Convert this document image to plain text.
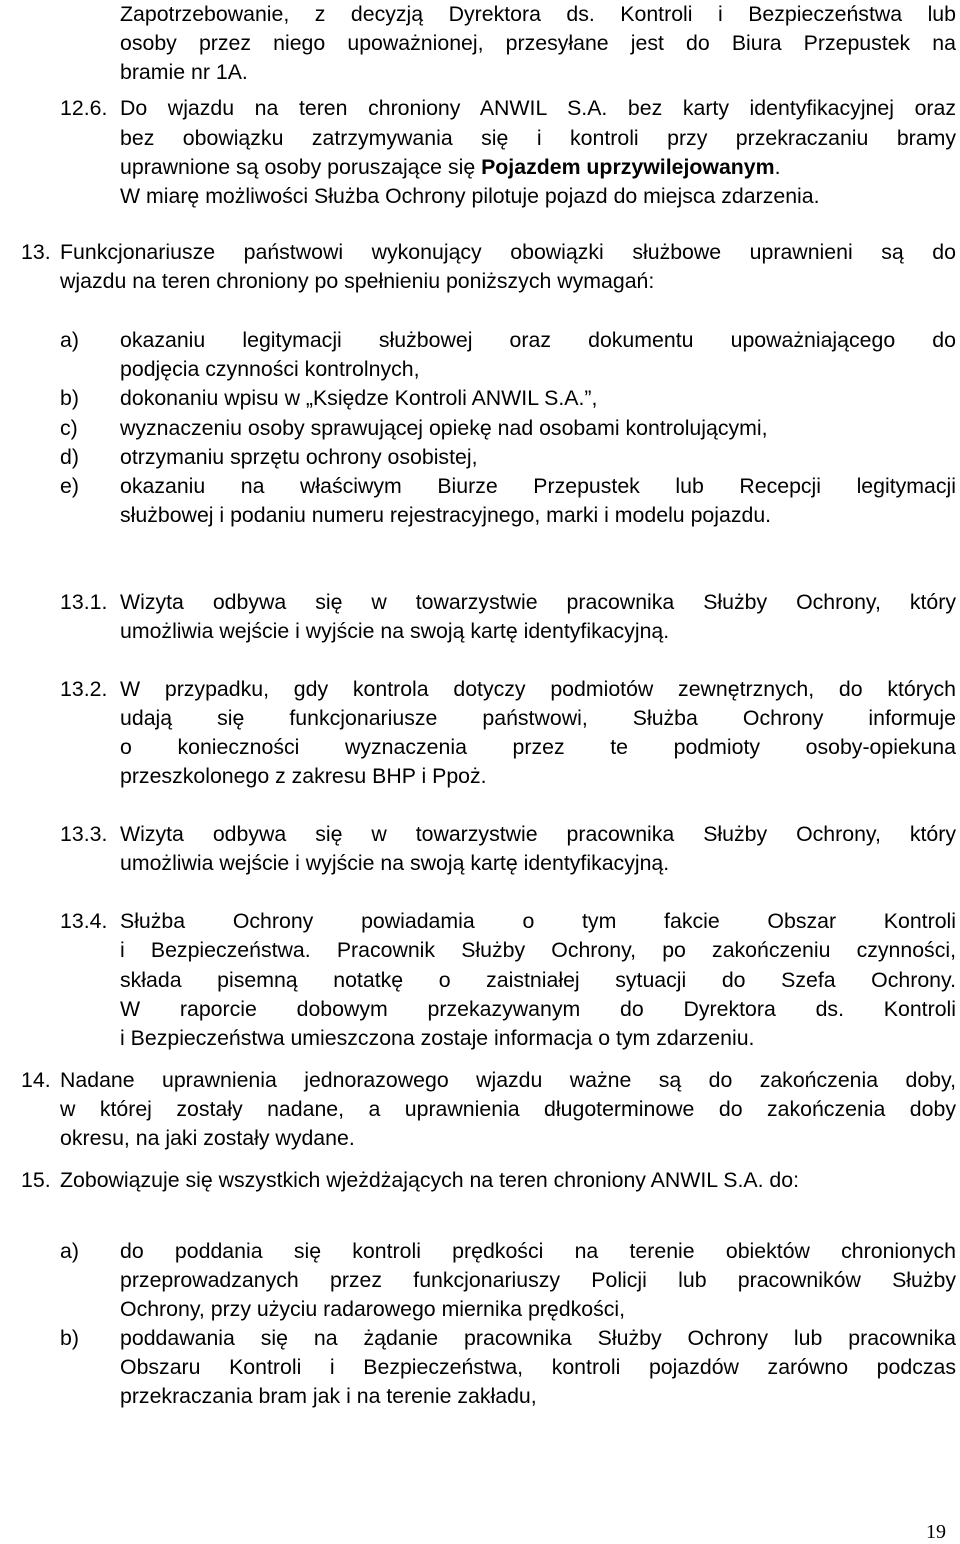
Zapotrzebowanie, z decyzją Dyrektora ds. Kontroli i Bezpieczeństwa lub
osoby przez niego upoważnionej, przesyłane jest do Biura Przepustek na
bramie nr 1A.
12.6. Do wjazdu na teren chroniony ANWIL S.A. bez karty identyfikacyjnej oraz
bez obowiązku zatrzymywania się i kontroli przy przekraczaniu bramy
uprawnione są osoby poruszające się Pojazdem uprzywilejowanym.
W miarę możliwości Służba Ochrony pilotuje pojazd do miejsca zdarzenia.
13. Funkcjonariusze państwowi wykonujący obowiązki służbowe uprawnieni są do
wjazdu na teren chroniony po spełnieniu poniższych wymagań:
a) okazaniu legitymacji służbowej oraz dokumentu upoważniającego do
podjęcia czynności kontrolnych,
b) dokonaniu wpisu w „Księdze Kontroli ANWIL S.A.”,
c) wyznaczeniu osoby sprawującej opiekę nad osobami kontrolującymi,
d) otrzymaniu sprzętu ochrony osobistej,
e) okazaniu na właściwym Biurze Przepustek lub Recepcji legitymacji
służbowej i podaniu numeru rejestracyjnego, marki i modelu pojazdu.
13.1. Wizyta odbywa się w towarzystwie pracownika Służby Ochrony, który
umożliwia wejście i wyjście na swoją kartę identyfikacyjną.
13.2. W przypadku, gdy kontrola dotyczy podmiotów zewnętrznych, do których
udają się funkcjonariusze państwowi, Służba Ochrony informuje
o konieczności wyznaczenia przez te podmioty osoby-opiekuna
przeszkolonego z zakresu BHP i Ppoż.
13.3. Wizyta odbywa się w towarzystwie pracownika Służby Ochrony, który
umożliwia wejście i wyjście na swoją kartę identyfikacyjną.
13.4. Służba Ochrony powiadamia o tym fakcie Obszar Kontroli
i Bezpieczeństwa. Pracownik Służby Ochrony, po zakończeniu czynności,
składa pisemną notatkę o zaistniałej sytuacji do Szefa Ochrony.
W raporcie dobowym przekazywanym do Dyrektora ds. Kontroli
i Bezpieczeństwa umieszczona zostaje informacja o tym zdarzeniu.
14. Nadane uprawnienia jednorazowego wjazdu ważne są do zakończenia doby,
w której zostały nadane, a uprawnienia długoterminowe do zakończenia doby
okresu, na jaki zostały wydane.
15. Zobowiązuje się wszystkich wjeżdżających na teren chroniony ANWIL S.A. do:
a) do poddania się kontroli prędkości na terenie obiektów chronionych
przeprowadzanych przez funkcjonariuszy Policji lub pracowników Służby
Ochrony, przy użyciu radarowego miernika prędkości,
b) poddawania się na żądanie pracownika Służby Ochrony lub pracownika
Obszaru Kontroli i Bezpieczeństwa, kontroli pojazdów zarówno podczas
przekraczania bram jak i na terenie zakładu,
19
